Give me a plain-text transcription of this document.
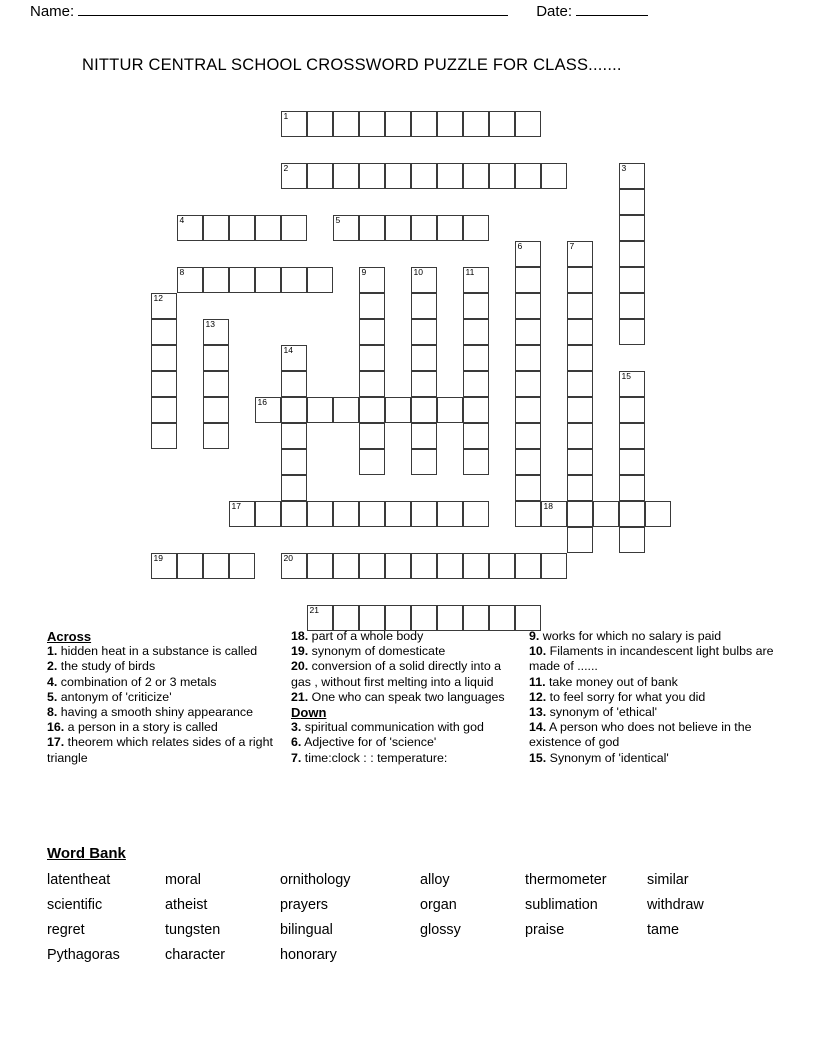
Name:	Date:
NITTUR CENTRAL SCHOOL CROSSWORD PUZZLE FOR CLASS.......
1
2	3
4	5
6	7
8	9	10	11
12
13
14
15
16
17	18
19	20
21

Across

1. hidden heat in a substance is called

2. the study of birds

4. combination of 2 or 3 metals

5. antonym of 'criticize'

8. having a smooth shiny appearance

16. a person in a story is called

17. theorem which relates sides of a right triangle

18. part of a whole body

19. synonym of domesticate

20. conversion of a solid directly into a gas , without first melting into a liquid

21. One who can speak two languages

Down

3. spiritual communication with god

6. Adjective for of 'science'

7. time:clock : : temperature:

9. works for which no salary is paid

10. Filaments in incandescent light bulbs are made of ......

11. take money out of bank

12. to feel sorry for what you did

13. synonym of 'ethical'

14. A person who does not believe in the existence of god

15. Synonym of 'identical'

Word Bank

latentheat	moral	ornithology	alloy	thermometer	similar
scientific	atheist	prayers	organ	sublimation	withdraw
regret	tungsten	bilingual	glossy	praise	tame
Pythagoras	character	honorary
